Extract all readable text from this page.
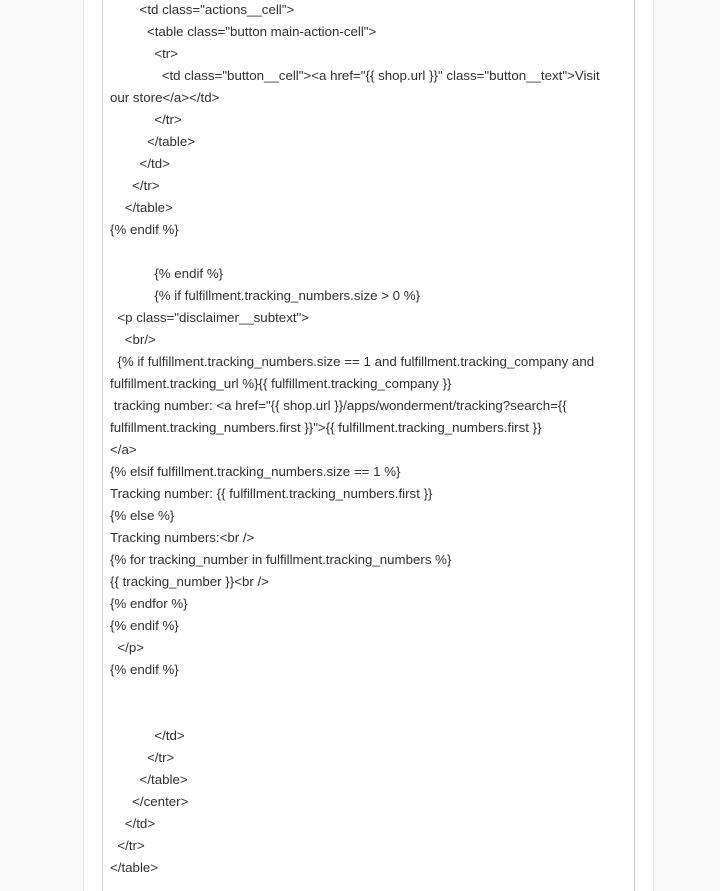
<td class="actions__cell">
<table class="button main-action-cell">
<tr>
<td class="button__cell"><a href="{{ shop.url }}" class="button__text">Visit
our store</a></td>
</tr>
</table>
</td>
</tr>
</table>
{% endif %}
{% endif %}
{% if fulfillment.tracking_numbers.size > 0 %}
<p class="disclaimer__subtext">
<br/>
{% if fulfillment.tracking_numbers.size == 1 and fulfillment.tracking_company and
fulfillment.tracking_url %}{{ fulfillment.tracking_company }}
tracking number: <a href="{{ shop.url }}/apps/wonderment/tracking?search={{
fulfillment.tracking_numbers.first }}">{{ fulfillment.tracking_numbers.first }}
</a>
{% elsif fulfillment.tracking_numbers.size == 1 %}
Tracking number: {{ fulfillment.tracking_numbers.first }}
{% else %}
Tracking numbers:<br />
{% for tracking_number in fulfillment.tracking_numbers %}
{{ tracking_number }}<br />
{% endfor %}
{% endif %}
</p>
{% endif %}
</td>
</tr>
</table>
</center>
</td>
</tr>
</table>
